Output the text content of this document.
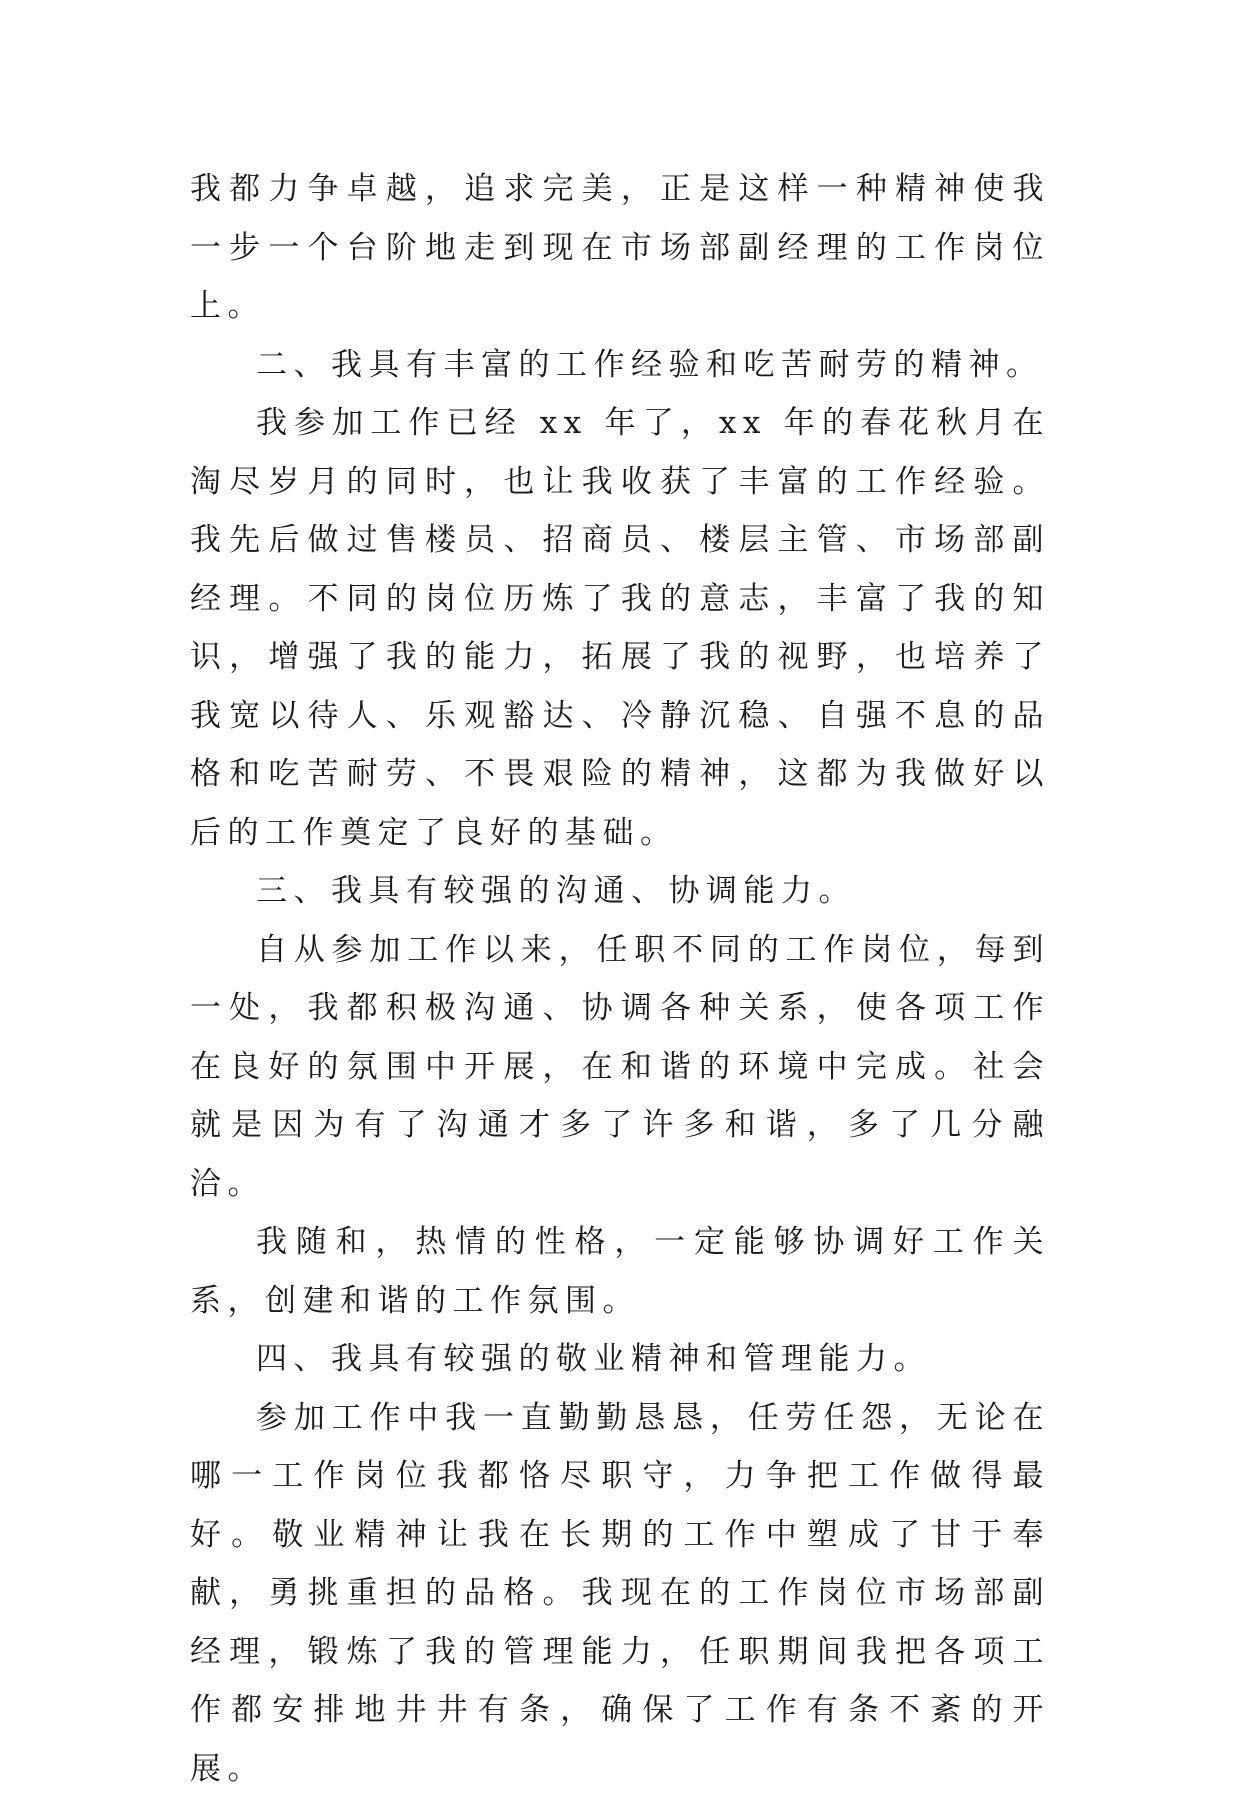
我都力争卓越，追求完美，正是这样一种精神使我一步一个台阶地走到现在市场部副经理的工作岗位上。

二、我具有丰富的工作经验和吃苦耐劳的精神。

我参加工作已经 xx 年了，xx 年的春花秋月在淘尽岁月的同时，也让我收获了丰富的工作经验。我先后做过售楼员、招商员、楼层主管、市场部副经理。不同的岗位历炼了我的意志，丰富了我的知识，增强了我的能力，拓展了我的视野，也培养了我宽以待人、乐观豁达、冷静沉稳、自强不息的品格和吃苦耐劳、不畏艰险的精神，这都为我做好以后的工作奠定了良好的基础。

三、我具有较强的沟通、协调能力。

自从参加工作以来，任职不同的工作岗位，每到一处，我都积极沟通、协调各种关系，使各项工作在良好的氛围中开展，在和谐的环境中完成。社会就是因为有了沟通才多了许多和谐，多了几分融洽。

我随和，热情的性格，一定能够协调好工作关系，创建和谐的工作氛围。

四、我具有较强的敬业精神和管理能力。

参加工作中我一直勤勤恳恳，任劳任怨，无论在哪一工作岗位我都恪尽职守，力争把工作做得最好。敬业精神让我在长期的工作中塑成了甘于奉献，勇挑重担的品格。我现在的工作岗位市场部副经理，锻炼了我的管理能力，任职期间我把各项工作都安排地井井有条，确保了工作有条不紊的开展。
